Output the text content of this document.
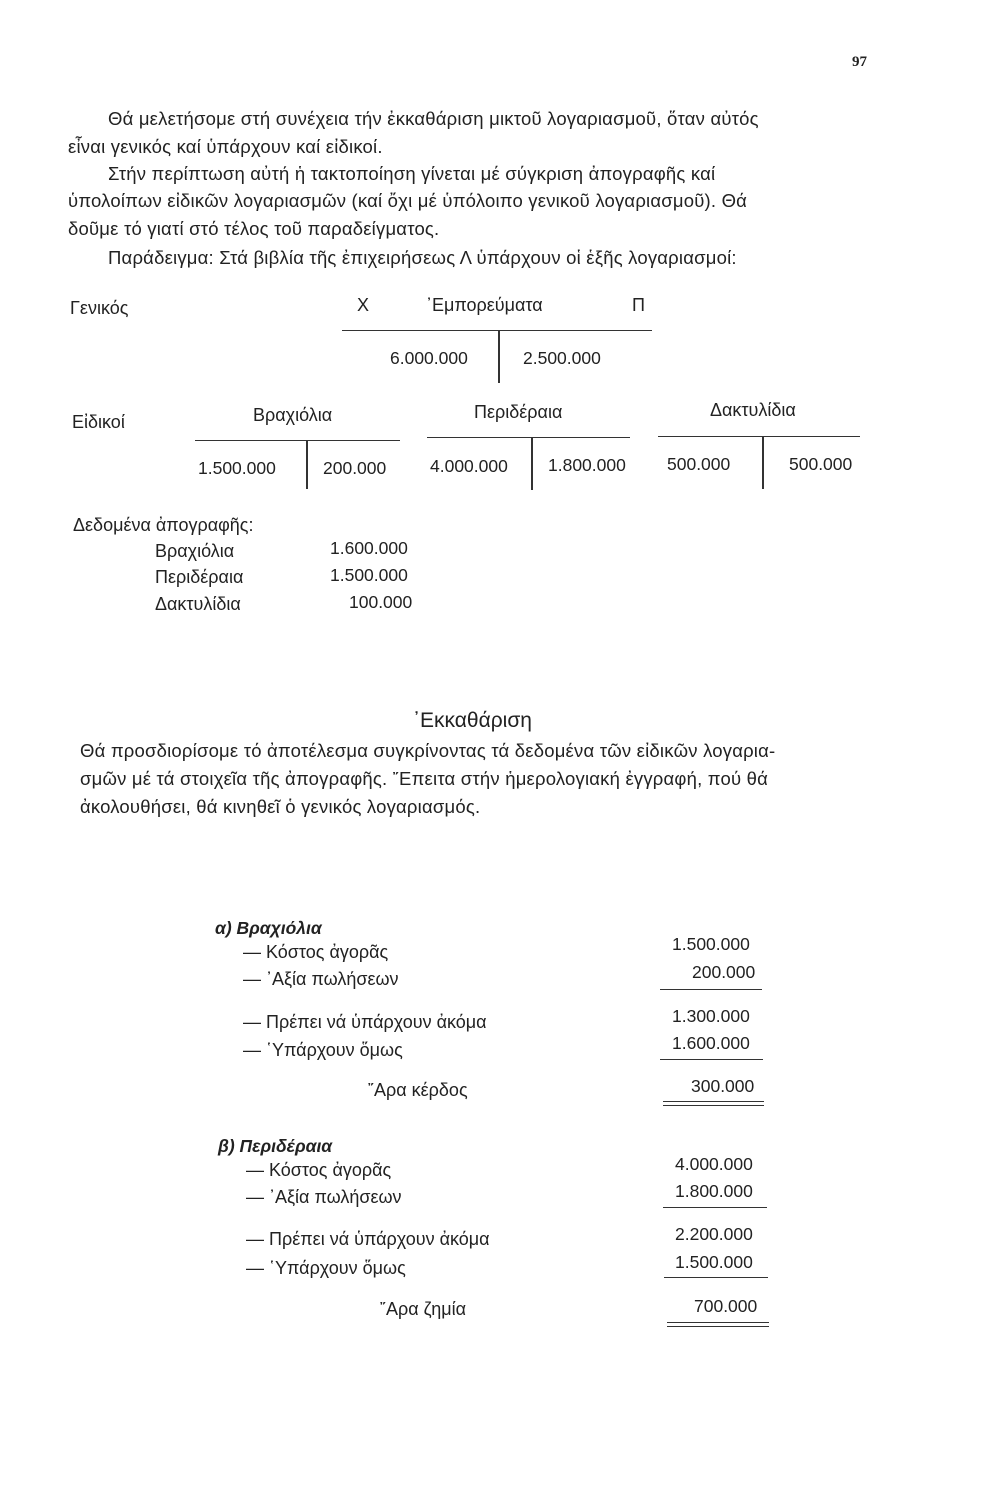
97
Θά μελετήσομε στή συνέχεια τήν ἐκκαθάριση μικτοῦ λογαριασμοῦ, ὅταν αὐτός
εἶναι γενικός καί ὑπάρχουν καί εἰδικοί.
Στήν περίπτωση αὐτή ἡ τακτοποίηση γίνεται μέ σύγκριση ἀπογραφῆς καί
ὑπολοίπων εἰδικῶν λογαριασμῶν (καί ὄχι μέ ὑπόλοιπο γενικοῦ λογαριασμοῦ). Θά
δοῦμε τό γιατί στό τέλος τοῦ παραδείγματος.
Παράδειγμα: Στά βιβλία τῆς ἐπιχειρήσεως Λ ὑπάρχουν οἱ ἑξῆς λογαριασμοί:
Γενικός	Χ	᾿Εμπορεύματα	Π
6.000.000	2.500.000
Εἰδικοί	Βραχιόλια
1.500.000	200.000
Περιδέραια
4.000.000 1.800.000
Δακτυλίδια
500.000	500.000
Δεδομένα ἀπογραφῆς:
Βραχιόλια	1.600.000
Περιδέραια	1.500.000
Δακτυλίδια	100.000
᾿Εκκαθάριση
Θά προσδιορίσομε τό ἀποτέλεσμα συγκρίνοντας τά δεδομένα τῶν εἰδικῶν λογαρια-
σμῶν μέ τά στοιχεῖα τῆς ἀπογραφῆς. ῎Επειτα στήν ἡμερολογιακή ἐγγραφή, πού θά
ἀκολουθήσει, θά κινηθεῖ ὁ γενικός λογαριασμός.
α) Βραχιόλια
— Κόστος ἀγορᾶς	1.500.000
— ᾿Αξία πωλήσεων	200.000
— Πρέπει νά ὑπάρχουν ἀκόμα	1.300.000
— ῾Υπάρχουν ὅμως	1.600.000
῎Αρα κέρδος	300.000
β) Περιδέραια
— Κόστος ἀγορᾶς	4.000.000
— ᾿Αξία πωλήσεων	1.800.000
— Πρέπει νά ὑπάρχουν ἀκόμα	2.200.000
— ῾Υπάρχουν ὅμως	1.500.000
῎Αρα ζημία	700.000
